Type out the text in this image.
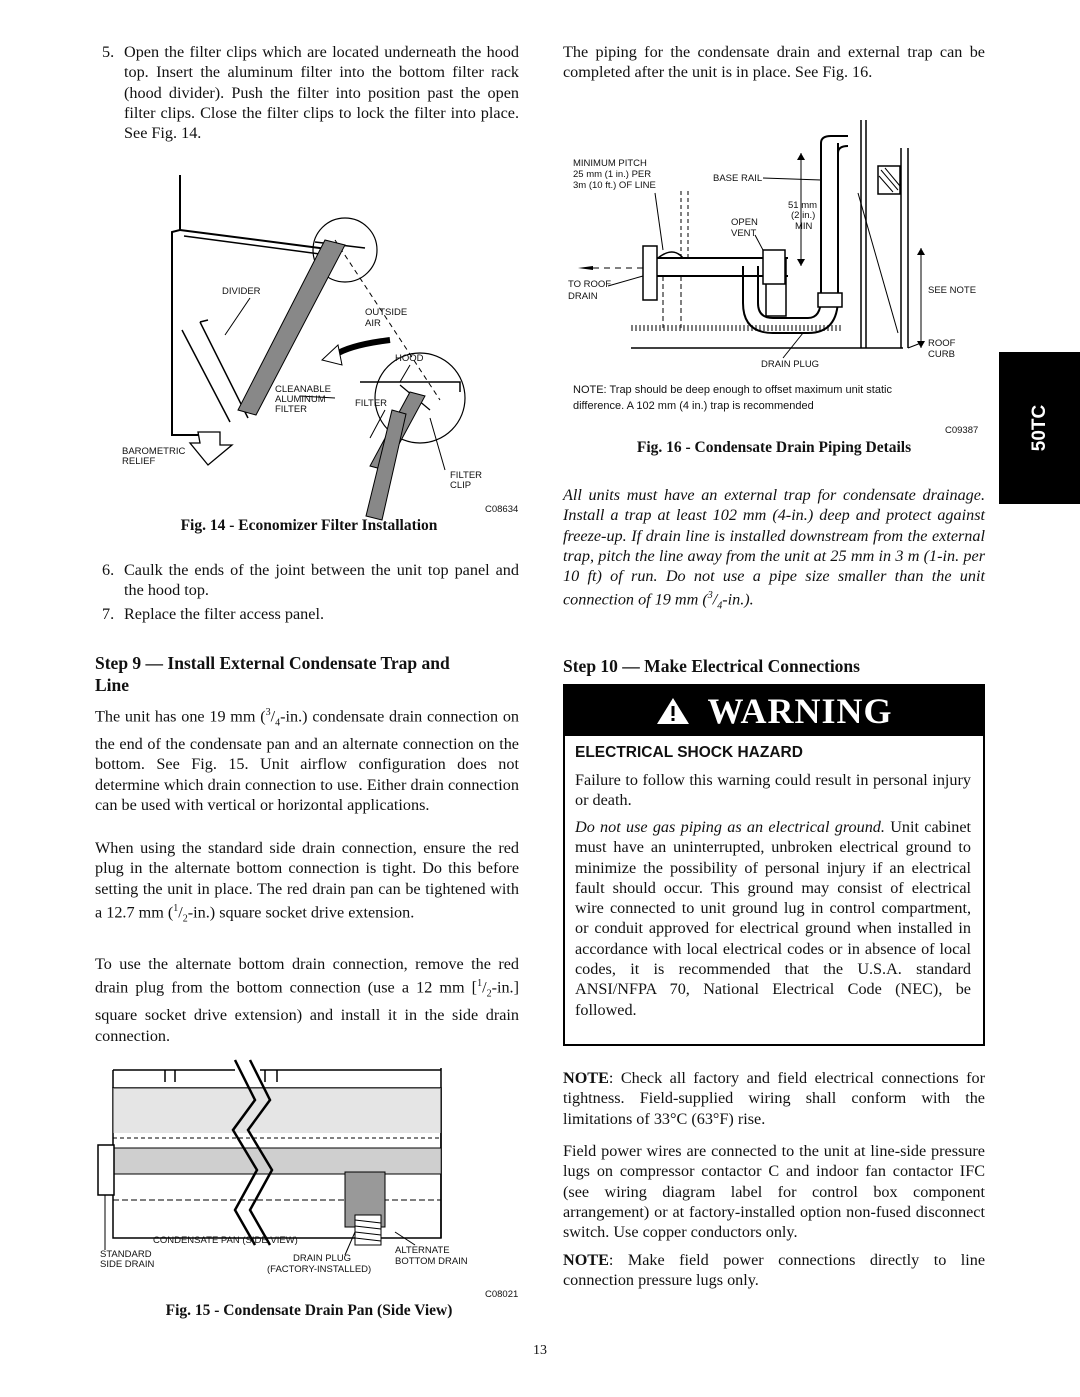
5. Open the filter clips which are located underneath the hood top. Insert the aluminum filter into the bottom filter rack (hood divider). Push the filter into position past the open filter clips. Close the filter clips to lock the filter into place. See Fig. 14.
DIVIDER
OUTSIDE
AIR
HOOD
CLEANABLE
ALUMINUM
FILTER
FILTER
BAROMETRIC
RELIEF
FILTER
CLIP
C08634
Fig. 14 - Economizer Filter Installation
6. Caulk the ends of the joint between the unit top panel and the hood top.
7. Replace the filter access panel.
Step 9 — Install External Condensate Trap and
Line
The unit has one 19 mm $(^3/_4-in.)$ condensate drain connection on the end of the condensate pan and an alternate connection on the bottom. See Fig. 15. Unit airflow configuration does not determine which drain connection to use. Either drain connection can be used with vertical or horizontal applications.
When using the standard side drain connection, ensure the red plug in the alternate bottom connection is tight. Do this before setting the unit in place. The red drain pan can be tightened with a 12.7 mm $(^1/_2-in.)$ square socket drive extension.
To use the alternate bottom drain connection, remove the red drain plug from the bottom connection (use a 12 mm $[^1/_2-in.]$ square socket drive extension) and install it in the side drain connection.
CONDENSATE PAN (SIDE VIEW)
STANDARD
SIDE DRAIN
DRAIN PLUG
(FACTORY-INSTALLED)
ALTERNATE
BOTTOM DRAIN
C08021
Fig. 15 - Condensate Drain Pan (Side View)
The piping for the condensate drain and external trap can be completed after the unit is in place. See Fig. 16.
MINIMUM PITCH
25 mm (1 in.) PER
3m (10 ft.) OF LINE
BASE RAIL
51 mm
(2 in.)
MIN
OPEN
VENT
TO ROOF
DRAIN
SEE NOTE
ROOF
CURB
DRAIN PLUG
NOTE: Trap should be deep enough to offset maximum unit static
difference. A 102 mm (4 in.) trap is recommended
C09387
Fig. 16 - Condensate Drain Piping Details
All units must have an external trap for condensate drainage. Install a trap at least 102 mm (4-in.) deep and protect against freeze-up. If drain line is installed downstream from the external trap, pitch the line away from the unit at 25 mm in 3 m (1-in. per 10 ft) of run. Do not use a pipe size smaller than the unit connection of 19 mm $(^3/_4-in.)$.
Step 10 — Make Electrical Connections
WARNING
ELECTRICAL SHOCK HAZARD
Failure to follow this warning could result in personal injury or death.
Do not use gas piping as an electrical ground. Unit cabinet must have an uninterrupted, unbroken electrical ground to minimize the possibility of personal injury if an electrical fault should occur. This ground may consist of electrical wire connected to unit ground lug in control compartment, or conduit approved for electrical ground when installed in accordance with local electrical codes or in absence of local codes, it is recommended that the U.S.A. standard ANSI/NFPA 70, National Electrical Code (NEC), be followed.
NOTE: Check all factory and field electrical connections for tightness. Field-supplied wiring shall conform with the limitations of 33°C (63°F) rise.
Field power wires are connected to the unit at line-side pressure lugs on compressor contactor C and indoor fan contactor IFC (see wiring diagram label for control box component arrangement) or at factory-installed option non-fused disconnect switch. Use copper conductors only.
NOTE: Make field power connections directly to line connection pressure lugs only.
50TC
13
